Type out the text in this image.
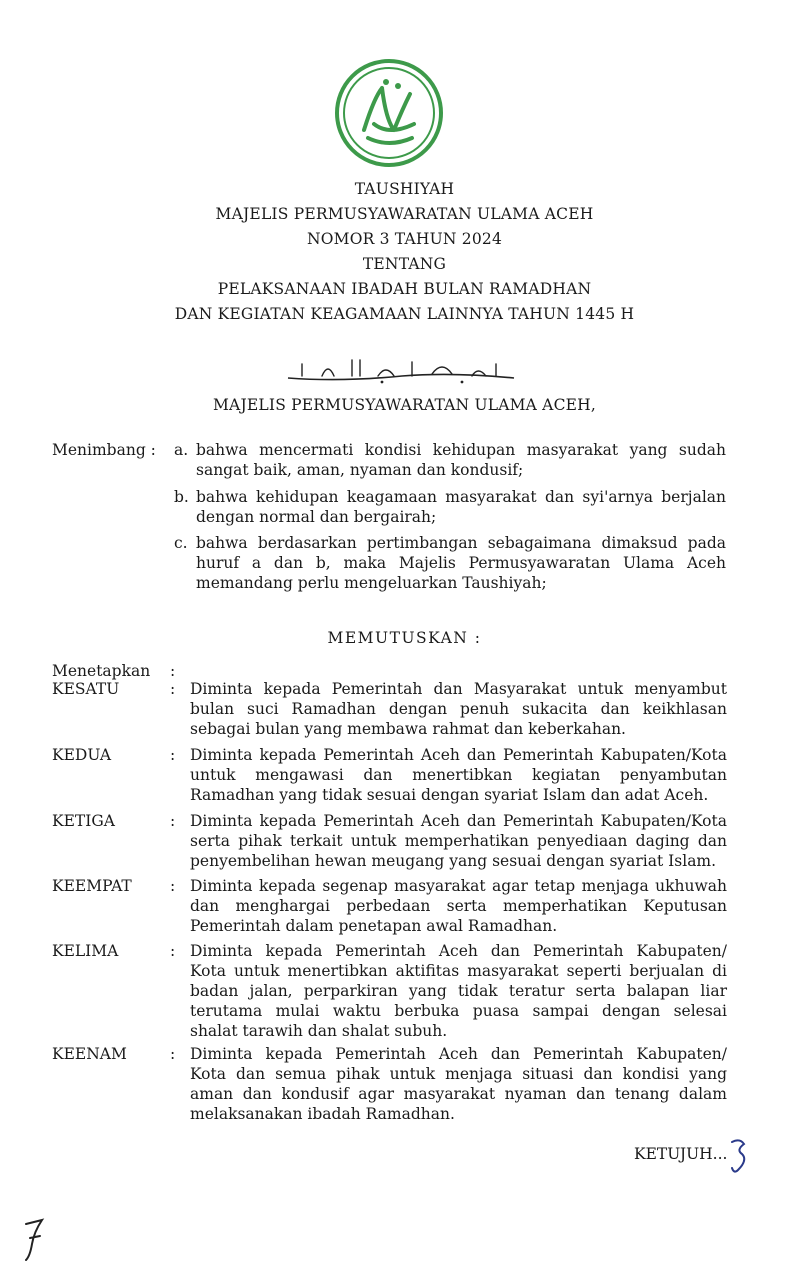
TAUSHIYAH
MAJELIS PERMUSYAWARATAN ULAMA ACEH
NOMOR 3 TAHUN 2024
TENTANG
PELAKSANAAN IBADAH BULAN RAMADHAN
DAN KEGIATAN KEAGAMAAN LAINNYA TAHUN 1445 H
MAJELIS PERMUSYAWARATAN ULAMA ACEH,
Menimbang : a. bahwa mencermati kondisi kehidupan masyarakat yang sudah
sangat baik, aman, nyaman dan kondusif;
b. bahwa kehidupan keagamaan masyarakat dan syi'arnya berjalan
dengan normal dan bergairah;
c. bahwa berdasarkan pertimbangan sebagaimana dimaksud pada
huruf a dan b, maka Majelis Permusyawaratan Ulama Aceh
memandang perlu mengeluarkan Taushiyah;
MEMUTUSKAN :
Menetapkan :
KESATU	: Diminta kepada Pemerintah dan Masyarakat untuk menyambut
bulan suci Ramadhan dengan penuh sukacita dan keikhlasan
sebagai bulan yang membawa rahmat dan keberkahan.
KEDUA	: Diminta kepada Pemerintah Aceh dan Pemerintah Kabupaten/Kota
untuk mengawasi dan menertibkan kegiatan penyambutan
Ramadhan yang tidak sesuai dengan syariat Islam dan adat Aceh.
KETIGA	: Diminta kepada Pemerintah Aceh dan Pemerintah Kabupaten/Kota
serta pihak terkait untuk memperhatikan penyediaan daging dan
penyembelihan hewan meugang yang sesuai dengan syariat Islam.
KEEMPAT : Diminta kepada segenap masyarakat agar tetap menjaga ukhuwah
dan menghargai perbedaan serta memperhatikan Keputusan
Pemerintah dalam penetapan awal Ramadhan.
KELIMA	: Diminta kepada Pemerintah Aceh dan Pemerintah Kabupaten/
Kota untuk menertibkan aktifitas masyarakat seperti berjualan di
badan jalan, perparkiran yang tidak teratur serta balapan liar
terutama mulai waktu berbuka puasa sampai dengan selesai
shalat tarawih dan shalat subuh.
KEENAM	: Diminta kepada Pemerintah Aceh dan Pemerintah Kabupaten/
Kota dan semua pihak untuk menjaga situasi dan kondisi yang
aman dan kondusif agar masyarakat nyaman dan tenang dalam
melaksanakan ibadah Ramadhan.
KETUJUH...
